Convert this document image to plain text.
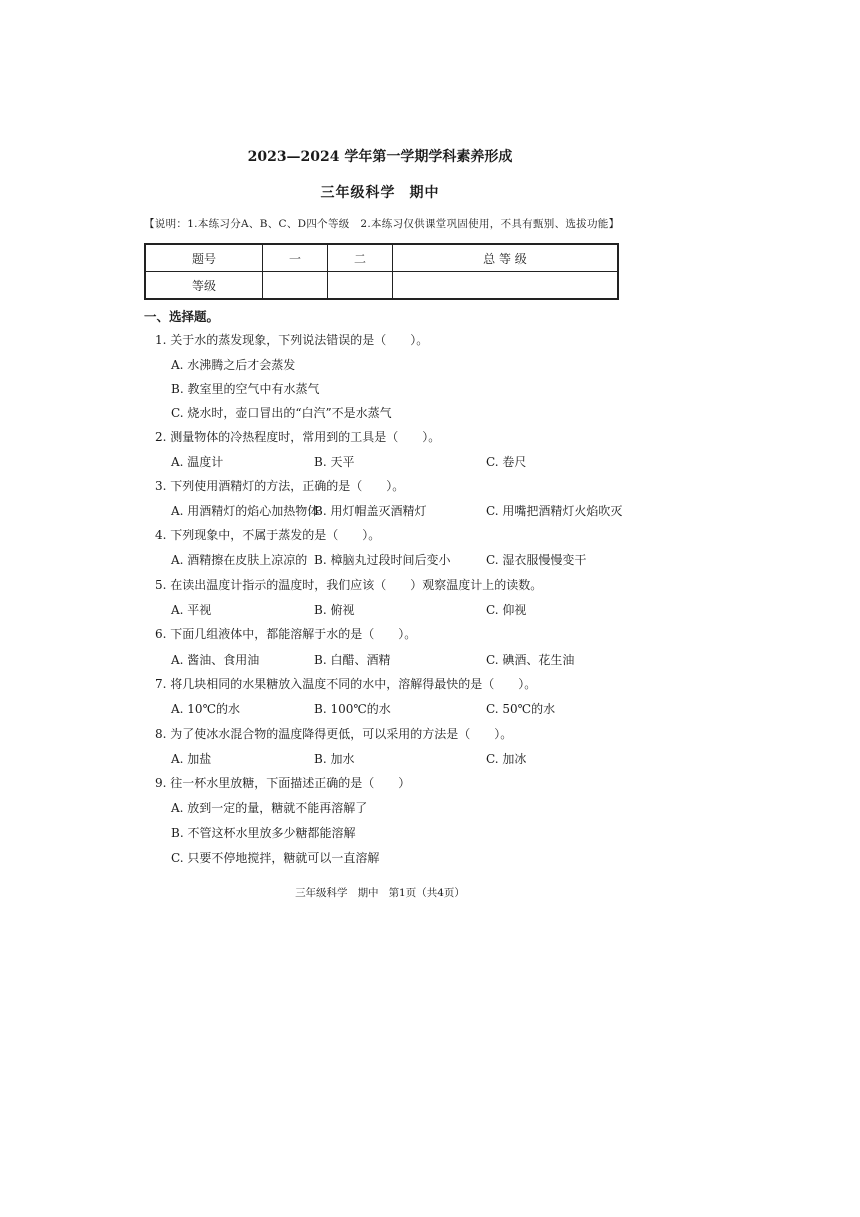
2023—2024 学年第一学期学科素养形成
三年级科学 期中
【说明：1.本练习分A、B、C、D四个等级　2.本练习仅供课堂巩固使用，不具有甄别、选拔功能】
题号	一	二	总 等 级
等级			
一、选择题。
1. 关于水的蒸发现象，下列说法错误的是（　　）。
A. 水沸腾之后才会蒸发
B. 教室里的空气中有水蒸气
C. 烧水时，壶口冒出的“白汽”不是水蒸气
2. 测量物体的冷热程度时，常用到的工具是（　　）。
A. 温度计	B. 天平	C. 卷尺
3. 下列使用酒精灯的方法，正确的是（　　）。
A. 用酒精灯的焰心加热物体
B. 用灯帽盖灭酒精灯	C. 用嘴把酒精灯火焰吹灭
4. 下列现象中，不属于蒸发的是（　　）。
A. 酒精擦在皮肤上凉凉的 B. 樟脑丸过段时间后变小	C. 湿衣服慢慢变干
5. 在读出温度计指示的温度时，我们应该（　　）观察温度计上的读数。
A. 平视	B. 俯视	C. 仰视
6. 下面几组液体中，都能溶解于水的是（　　）。
A. 酱油、食用油	B. 白醋、酒精	C. 碘酒、花生油
7. 将几块相同的水果糖放入温度不同的水中，溶解得最快的是（　　）。
A. 10℃的水	B. 100℃的水	C. 50℃的水
8. 为了使冰水混合物的温度降得更低，可以采用的方法是（　　）。
A. 加盐	B. 加水	C. 加冰
9. 往一杯水里放糖，下面描述正确的是（　　）
A. 放到一定的量，糖就不能再溶解了
B. 不管这杯水里放多少糖都能溶解
C. 只要不停地搅拌，糖就可以一直溶解
三年级科学 期中 第1页（共4页）
